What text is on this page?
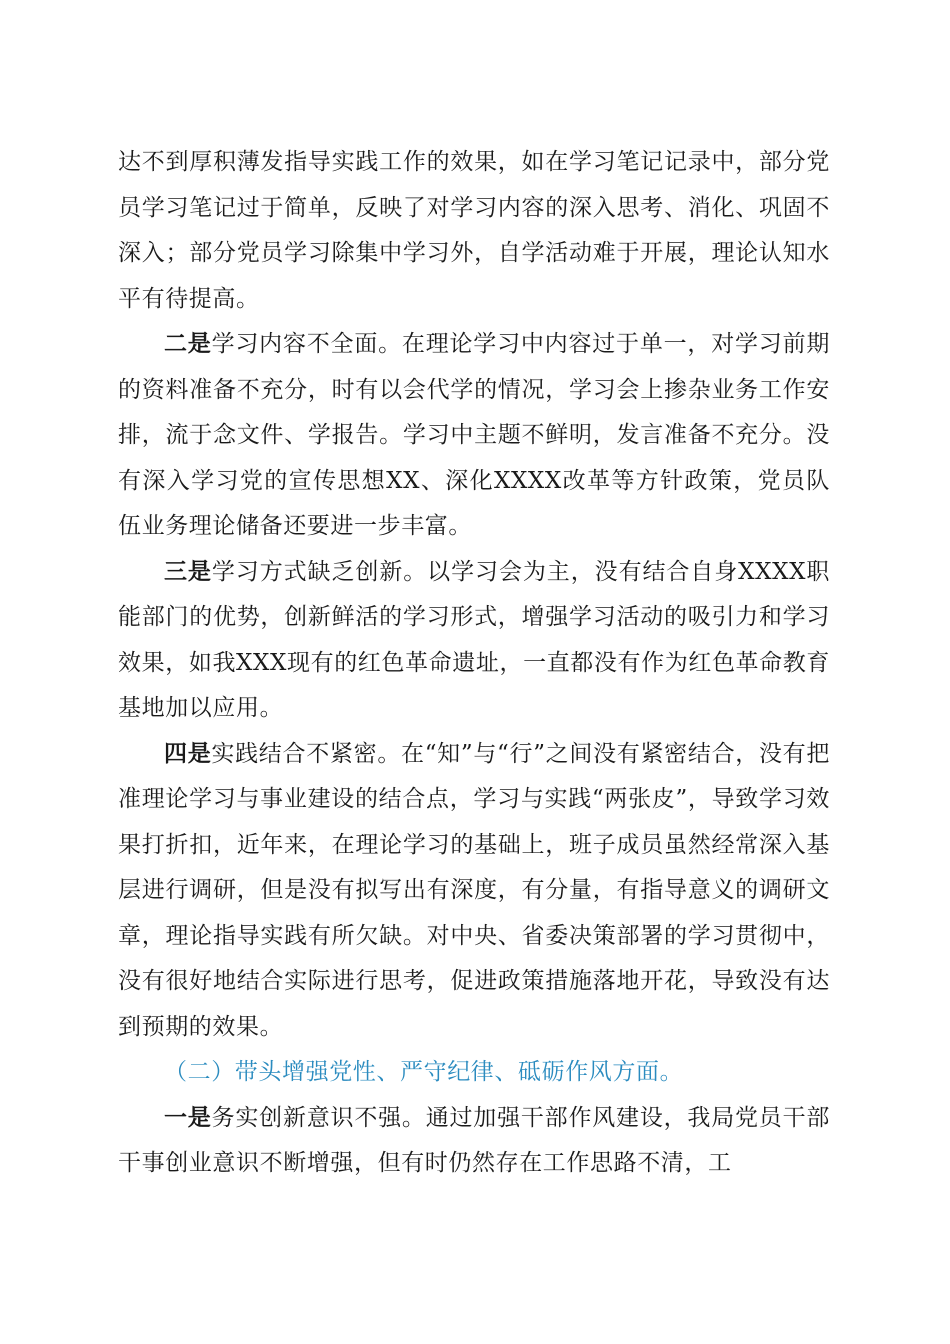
达不到厚积薄发指导实践工作的效果，如在学习笔记记录中，部分党员学习笔记过于简单，反映了对学习内容的深入思考、消化、巩固不深入；部分党员学习除集中学习外，自学活动难于开展，理论认知水平有待提高。

二是学习内容不全面。在理论学习中内容过于单一，对学习前期的资料准备不充分，时有以会代学的情况，学习会上掺杂业务工作安排，流于念文件、学报告。学习中主题不鲜明，发言准备不充分。没有深入学习党的宣传思想XX、深化XXXX改革等方针政策，党员队伍业务理论储备还要进一步丰富。

三是学习方式缺乏创新。以学习会为主，没有结合自身XXXX职能部门的优势，创新鲜活的学习形式，增强学习活动的吸引力和学习效果，如我XXX现有的红色革命遗址，一直都没有作为红色革命教育基地加以应用。

四是实践结合不紧密。在“知”与“行”之间没有紧密结合，没有把准理论学习与事业建设的结合点，学习与实践“两张皮”，导致学习效果打折扣，近年来，在理论学习的基础上，班子成员虽然经常深入基层进行调研，但是没有拟写出有深度，有分量，有指导意义的调研文章，理论指导实践有所欠缺。对中央、省委决策部署的学习贯彻中，没有很好地结合实际进行思考，促进政策措施落地开花，导致没有达到预期的效果。

（二）带头增强党性、严守纪律、砥砺作风方面。

一是务实创新意识不强。通过加强干部作风建设，我局党员干部干事创业意识不断增强，但有时仍然存在工作思路不清，工
